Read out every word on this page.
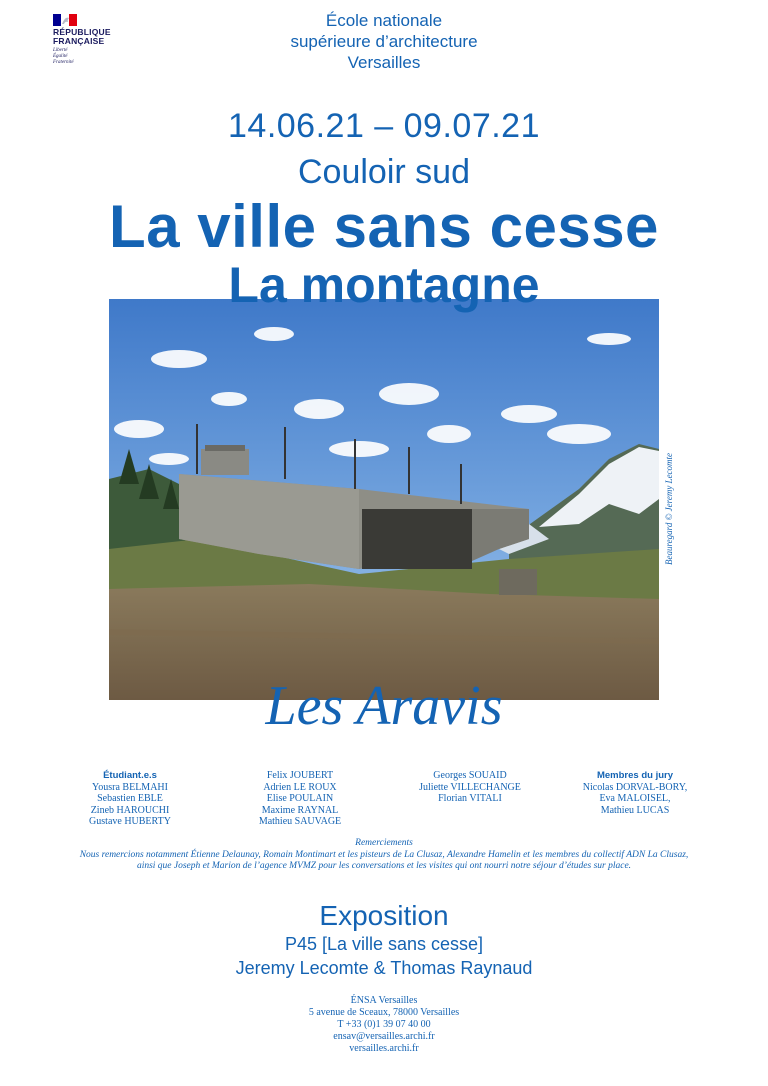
RÉPUBLIQUE
FRANÇAISE
Liberté
Égalité
Fraternité
École nationale
supérieure d’architecture
Versailles
14.06.21 – 09.07.21
Couloir sud
La ville sans cesse
La montagne
Beauregard © Jeremy Lecomte
Les Aravis
Étudiant.e.s
Yousra BELMAHI
Sebastien EBLE
Zineb HAROUCHI
Gustave HUBERTY
Felix JOUBERT
Adrien LE ROUX
Elise POULAIN
Maxime RAYNAL
Mathieu SAUVAGE
Georges SOUAID
Juliette VILLECHANGE
Florian VITALI
Membres du jury
Nicolas DORVAL-BORY,
Eva MALOISEL,
Mathieu LUCAS
Remerciements
Nous remercions notamment Étienne Delaunay, Romain Montimart et les pisteurs de La Clusaz, Alexandre Hamelin et les membres du collectif ADN La Clusaz,
ainsi que Joseph et Marion de l’agence MVMZ pour les conversations et les visites qui ont nourri notre séjour d’études sur place.
Exposition
P45 [La ville sans cesse]
Jeremy Lecomte & Thomas Raynaud
ÉNSA Versailles
5 avenue de Sceaux, 78000 Versailles
T +33 (0)1 39 07 40 00
ensav@versailles.archi.fr
versailles.archi.fr
